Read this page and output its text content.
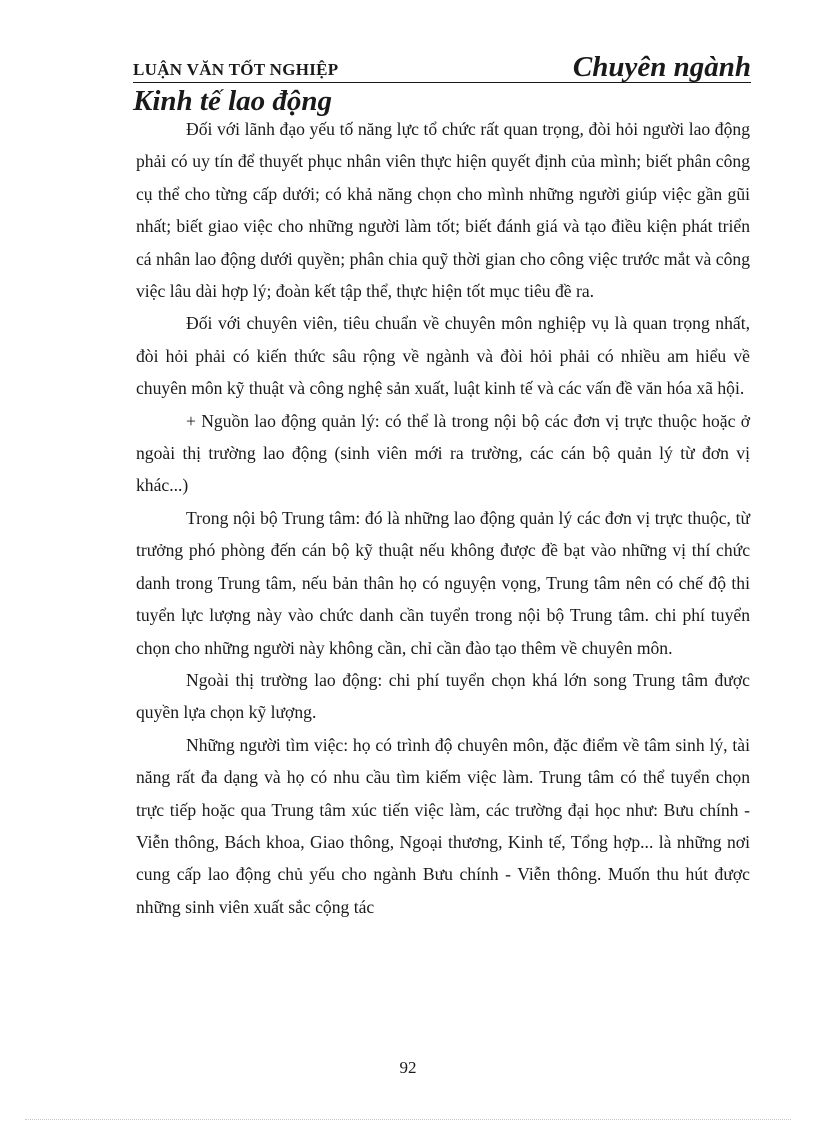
LUẬN VĂN TỐT NGHIỆP	Chuyên ngành
Kinh tế lao động

Đối với lãnh đạo yếu tố năng lực tổ chức rất quan trọng, đòi hỏi người lao động phải có uy tín để thuyết phục nhân viên thực hiện quyết định của mình; biết phân công cụ thể cho từng cấp dưới; có khả năng chọn cho mình những người giúp việc gần gũi nhất; biết giao việc cho những người làm tốt; biết đánh giá và tạo điều kiện phát triển cá nhân lao động dưới quyền; phân chia quỹ thời gian cho công việc trước mắt và công việc lâu dài hợp lý; đoàn kết tập thể, thực hiện tốt mục tiêu đề ra.

Đối với chuyên viên, tiêu chuẩn về chuyên môn nghiệp vụ là quan trọng nhất, đòi hỏi phải có kiến thức sâu rộng về ngành và đòi hỏi phải có nhiều am hiểu về chuyên môn kỹ thuật và công nghệ sản xuất, luật kinh tế và các vấn đề văn hóa xã hội.

+ Nguồn lao động quản lý: có thể là trong nội bộ các đơn vị trực thuộc hoặc ở ngoài thị trường lao động (sinh viên mới ra trường, các cán bộ quản lý từ đơn vị khác...)

Trong nội bộ Trung tâm: đó là những lao động quản lý các đơn vị trực thuộc, từ trưởng phó phòng đến cán bộ kỹ thuật nếu không được đề bạt vào những vị thí chức danh trong Trung tâm, nếu bản thân họ có nguyện vọng, Trung tâm nên có chế độ thi tuyển lực lượng này vào chức danh cần tuyển trong nội bộ Trung tâm. chi phí tuyển chọn cho những người này không cần, chỉ cần đào tạo thêm về chuyên môn.

Ngoài thị trường lao động: chi phí tuyển chọn khá lớn song Trung tâm được quyền lựa chọn kỹ lượng.

Những người tìm việc: họ có trình độ chuyên môn, đặc điểm về tâm sinh lý, tài năng rất đa dạng và họ có nhu cầu tìm kiếm việc làm. Trung tâm có thể tuyển chọn trực tiếp hoặc qua Trung tâm xúc tiến việc làm, các trường đại học như: Bưu chính - Viễn thông, Bách khoa, Giao thông, Ngoại thương, Kinh tế, Tổng hợp... là những nơi cung cấp lao động chủ yếu cho ngành Bưu chính - Viễn thông. Muốn thu hút được những sinh viên xuất sắc cộng tác

92
